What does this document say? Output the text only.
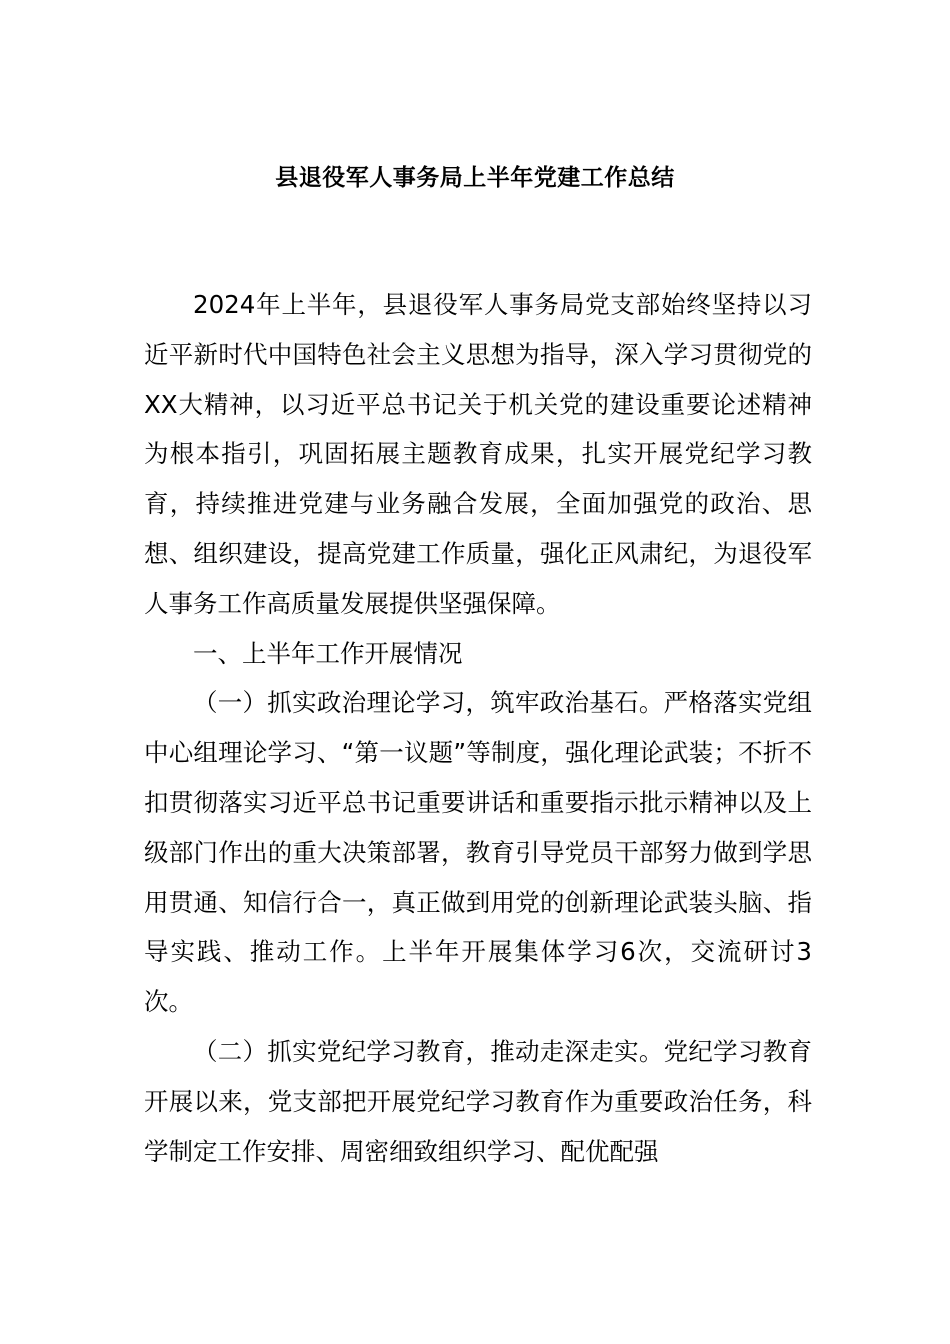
县退役军人事务局上半年党建工作总结

2024年上半年，县退役军人事务局党支部始终坚持以习近平新时代中国特色社会主义思想为指导，深入学习贯彻党的XX大精神，以习近平总书记关于机关党的建设重要论述精神为根本指引，巩固拓展主题教育成果，扎实开展党纪学习教育，持续推进党建与业务融合发展，全面加强党的政治、思想、组织建设，提高党建工作质量，强化正风肃纪，为退役军人事务工作高质量发展提供坚强保障。

一、上半年工作开展情况

（一）抓实政治理论学习，筑牢政治基石。严格落实党组中心组理论学习、“第一议题”等制度，强化理论武装；不折不扣贯彻落实习近平总书记重要讲话和重要指示批示精神以及上级部门作出的重大决策部署，教育引导党员干部努力做到学思用贯通、知信行合一，真正做到用党的创新理论武装头脑、指导实践、推动工作。上半年开展集体学习6次，交流研讨3次。

（二）抓实党纪学习教育，推动走深走实。党纪学习教育开展以来，党支部把开展党纪学习教育作为重要政治任务，科学制定工作安排、周密细致组织学习、配优配强
